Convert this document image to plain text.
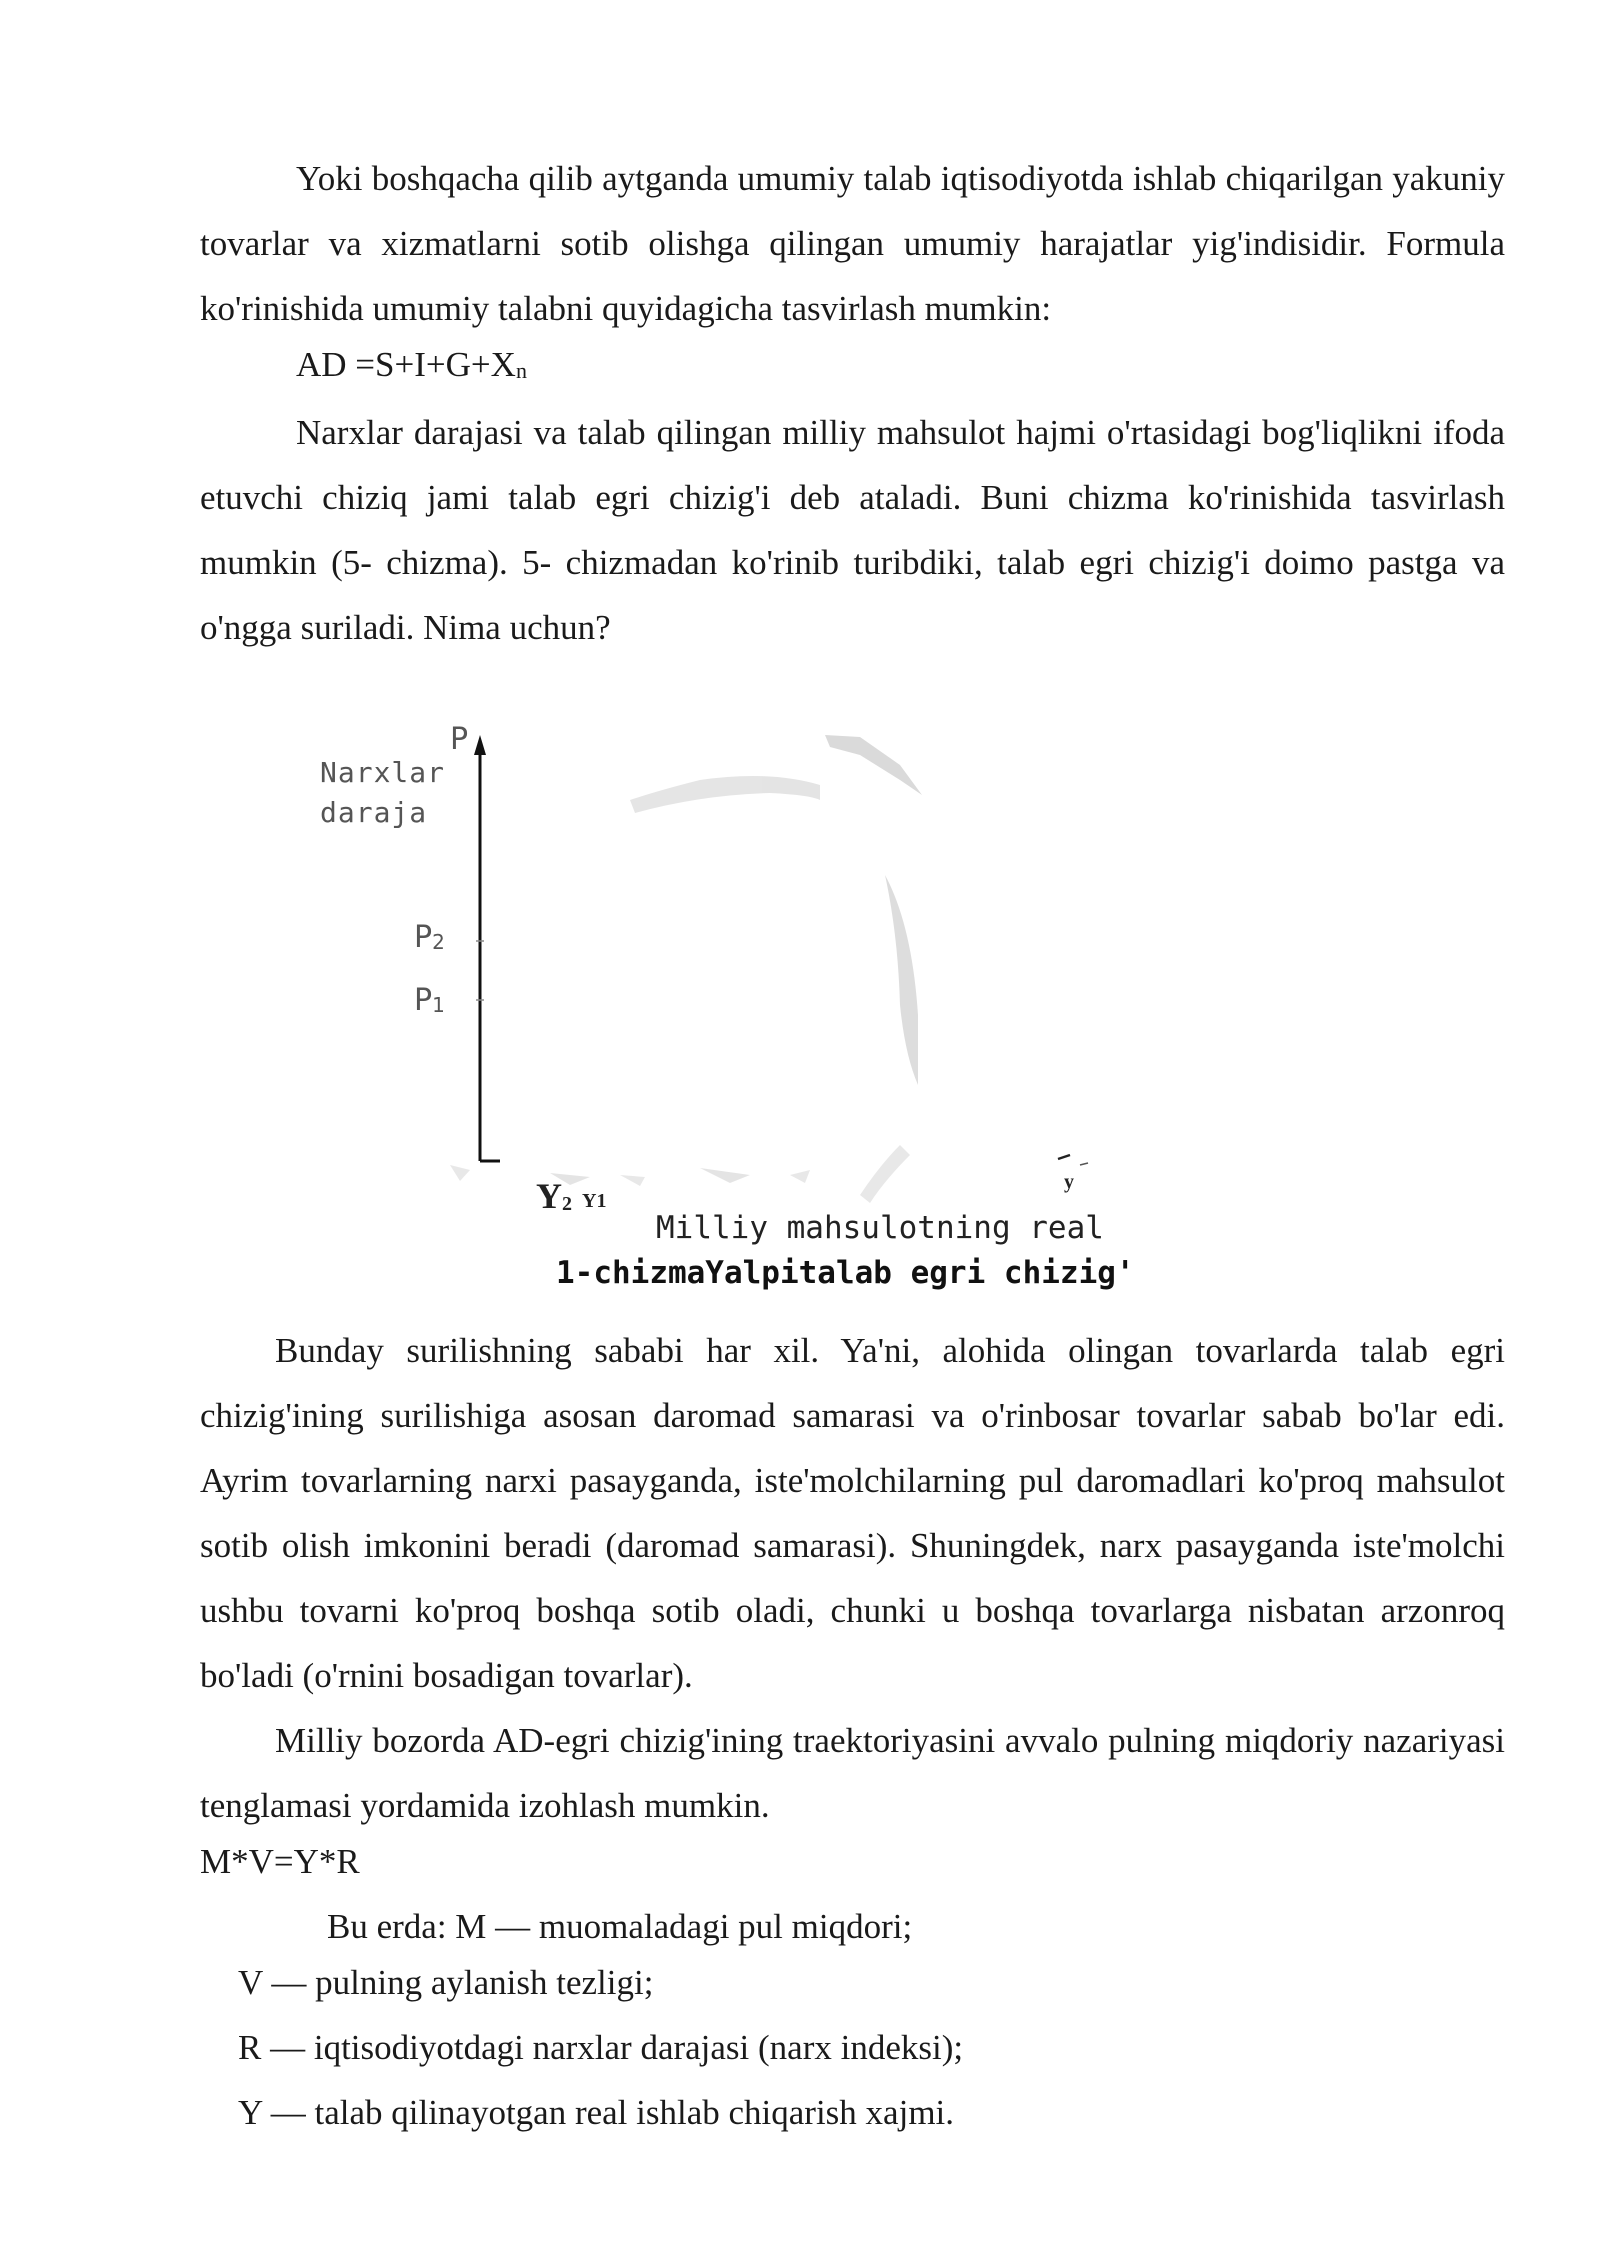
Yoki boshqacha qilib aytganda umumiy talab iqtisodiyotda ishlab chiqarilgan yakuniy tovarlar va xizmatlarni sotib olishga qilingan umumiy harajatlar yig'indisidir. Formula ko'rinishida umumiy talabni quyidagicha tasvirlash mumkin:

AD $=S+I+G+X_n$

Narxlar darajasi va talab qilingan milliy mahsulot hajmi o'rtasidagi bog'liqlikni ifoda etuvchi chiziq jami talab egri chizig'i deb ataladi. Buni chizma ko'rinishida tasvirlash mumkin (5- chizma). 5- chizmadan ko'rinib turibdiki, talab egri chizig'i doimo pastga va o'ngga suriladi. Nima uchun?

P
Narxlar
daraja
$P_2$
$P_1$
$Y_2$ Y1
y
Milliy mahsulotning real
1-chizmaYalpitalab egri chizig'

Bunday surilishning sababi har xil. Ya'ni, alohida olingan tovarlarda talab egri chizig'ining surilishiga asosan daromad samarasi va o'rinbosar tovarlar sabab bo'lar edi. Ayrim tovarlarning narxi pasayganda, iste'molchilarning pul daromadlari ko'proq mahsulot sotib olish imkonini beradi (daromad samarasi). Shuningdek, narx pasayganda iste'molchi ushbu tovarni ko'proq boshqa sotib oladi, chunki u boshqa tovarlarga nisbatan arzonroq bo'ladi (o'rnini bosadigan tovarlar).

Milliy bozorda AD-egri chizig'ining traektoriyasini avvalo pulning miqdoriy nazariyasi tenglamasi yordamida izohlash mumkin.

M*V=Y*R

Bu erda: M — muomaladagi pul miqdori;

V — pulning aylanish tezligi;

R — iqtisodiyotdagi narxlar darajasi (narx indeksi);

Y — talab qilinayotgan real ishlab chiqarish xajmi.
